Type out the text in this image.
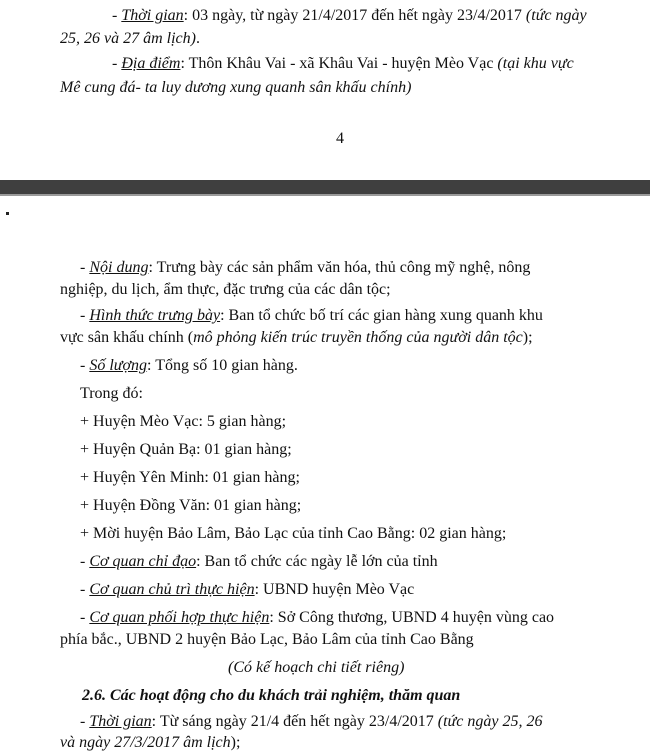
- Thời gian: 03 ngày, từ ngày 21/4/2017 đến hết ngày 23/4/2017 (tức ngày
25, 26 và 27 âm lịch).
- Địa điểm: Thôn Khâu Vai - xã Khâu Vai - huyện Mèo Vạc (tại khu vực
Mê cung đá- ta luy dương xung quanh sân khấu chính)
4
- Nội dung: Trưng bày các sản phẩm văn hóa, thủ công mỹ nghệ, nông
nghiệp, du lịch, ẩm thực, đặc trưng của các dân tộc;
- Hình thức trưng bày: Ban tổ chức bố trí các gian hàng xung quanh khu
vực sân khấu chính (mô phỏng kiến trúc truyền thống của người dân tộc);
- Số lượng: Tổng số 10 gian hàng.
Trong đó:
+ Huyện Mèo Vạc: 5 gian hàng;
+ Huyện Quản Bạ: 01 gian hàng;
+ Huyện Yên Minh: 01 gian hàng;
+ Huyện Đồng Văn: 01 gian hàng;
+ Mời huyện Bảo Lâm, Bảo Lạc của tỉnh Cao Bằng: 02 gian hàng;
- Cơ quan chỉ đạo: Ban tổ chức các ngày lễ lớn của tỉnh
- Cơ quan chủ trì thực hiện: UBND huyện Mèo Vạc
- Cơ quan phối hợp thực hiện: Sở Công thương, UBND 4 huyện vùng cao
phía bắc., UBND 2 huyện Bảo Lạc, Bảo Lâm của tỉnh Cao Bằng
(Có kế hoạch chi tiết riêng)
2.6. Các hoạt động cho du khách trải nghiệm, thăm quan
- Thời gian: Từ sáng ngày 21/4 đến hết ngày 23/4/2017 (tức ngày 25, 26
và ngày 27/3/2017 âm lịch);
